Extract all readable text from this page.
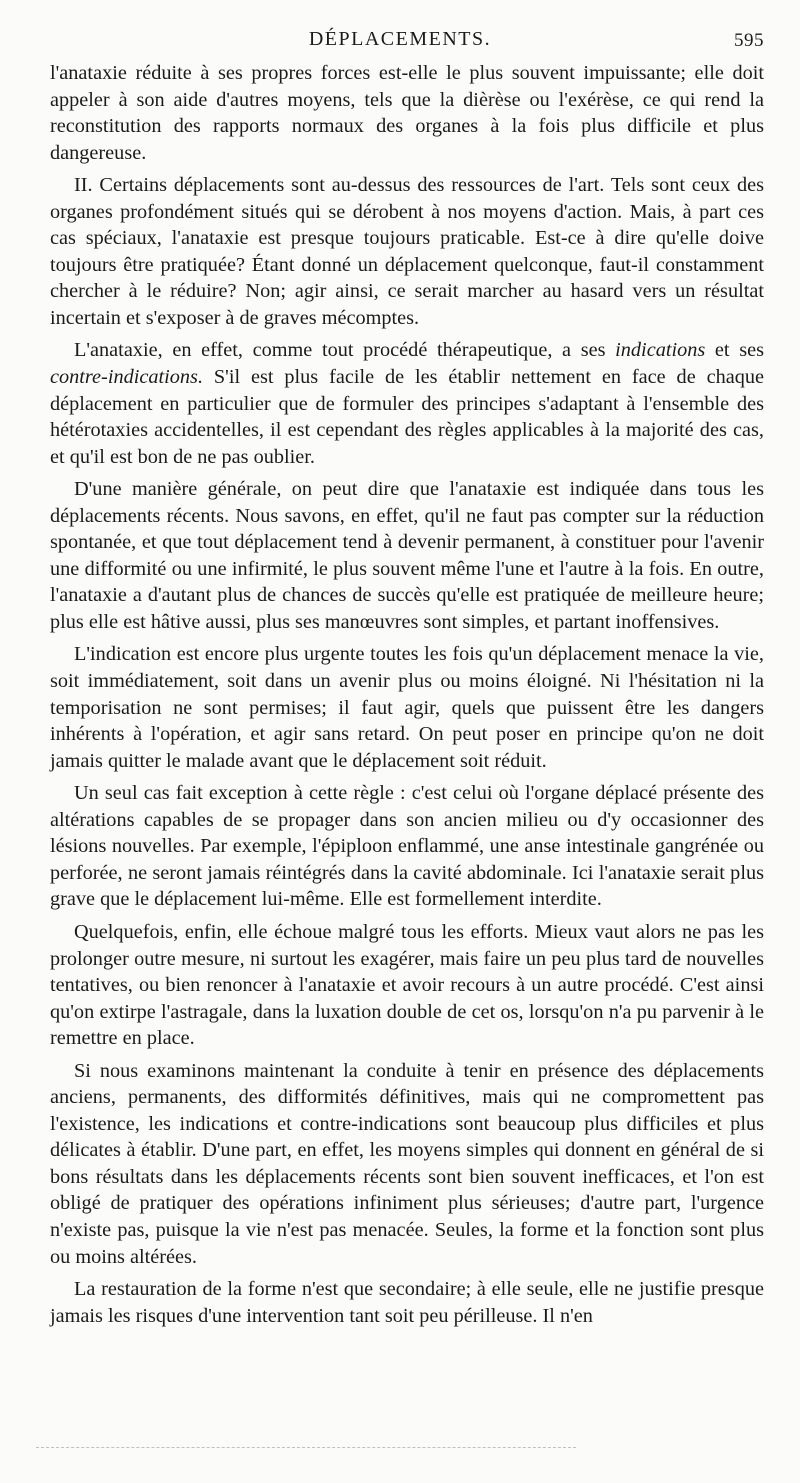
DÉPLACEMENTS.	595

l'anataxie réduite à ses propres forces est-elle le plus souvent impuissante; elle doit appeler à son aide d'autres moyens, tels que la dièrèse ou l'exérèse, ce qui rend la reconstitution des rapports normaux des organes à la fois plus difficile et plus dangereuse.

II. Certains déplacements sont au-dessus des ressources de l'art. Tels sont ceux des organes profondément situés qui se dérobent à nos moyens d'action. Mais, à part ces cas spéciaux, l'anataxie est presque toujours praticable. Est-ce à dire qu'elle doive toujours être pratiquée? Étant donné un déplacement quelconque, faut-il constamment chercher à le réduire? Non; agir ainsi, ce serait marcher au hasard vers un résultat incertain et s'exposer à de graves mécomptes.

L'anataxie, en effet, comme tout procédé thérapeutique, a ses indications et ses contre-indications. S'il est plus facile de les établir nettement en face de chaque déplacement en particulier que de formuler des principes s'adaptant à l'ensemble des hétérotaxies accidentelles, il est cependant des règles applicables à la majorité des cas, et qu'il est bon de ne pas oublier.

D'une manière générale, on peut dire que l'anataxie est indiquée dans tous les déplacements récents. Nous savons, en effet, qu'il ne faut pas compter sur la réduction spontanée, et que tout déplacement tend à devenir permanent, à constituer pour l'avenir une difformité ou une infirmité, le plus souvent même l'une et l'autre à la fois. En outre, l'anataxie a d'autant plus de chances de succès qu'elle est pratiquée de meilleure heure; plus elle est hâtive aussi, plus ses manœuvres sont simples, et partant inoffensives.

L'indication est encore plus urgente toutes les fois qu'un déplacement menace la vie, soit immédiatement, soit dans un avenir plus ou moins éloigné. Ni l'hésitation ni la temporisation ne sont permises; il faut agir, quels que puissent être les dangers inhérents à l'opération, et agir sans retard. On peut poser en principe qu'on ne doit jamais quitter le malade avant que le déplacement soit réduit.

Un seul cas fait exception à cette règle : c'est celui où l'organe déplacé présente des altérations capables de se propager dans son ancien milieu ou d'y occasionner des lésions nouvelles. Par exemple, l'épiploon enflammé, une anse intestinale gangrénée ou perforée, ne seront jamais réintégrés dans la cavité abdominale. Ici l'anataxie serait plus grave que le déplacement lui-même. Elle est formellement interdite.

Quelquefois, enfin, elle échoue malgré tous les efforts. Mieux vaut alors ne pas les prolonger outre mesure, ni surtout les exagérer, mais faire un peu plus tard de nouvelles tentatives, ou bien renoncer à l'anataxie et avoir recours à un autre procédé. C'est ainsi qu'on extirpe l'astragale, dans la luxation double de cet os, lorsqu'on n'a pu parvenir à le remettre en place.

Si nous examinons maintenant la conduite à tenir en présence des déplacements anciens, permanents, des difformités définitives, mais qui ne compromettent pas l'existence, les indications et contre-indications sont beaucoup plus difficiles et plus délicates à établir. D'une part, en effet, les moyens simples qui donnent en général de si bons résultats dans les déplacements récents sont bien souvent inefficaces, et l'on est obligé de pratiquer des opérations infiniment plus sérieuses; d'autre part, l'urgence n'existe pas, puisque la vie n'est pas menacée. Seules, la forme et la fonction sont plus ou moins altérées.

La restauration de la forme n'est que secondaire; à elle seule, elle ne justifie presque jamais les risques d'une intervention tant soit peu périlleuse. Il n'en
